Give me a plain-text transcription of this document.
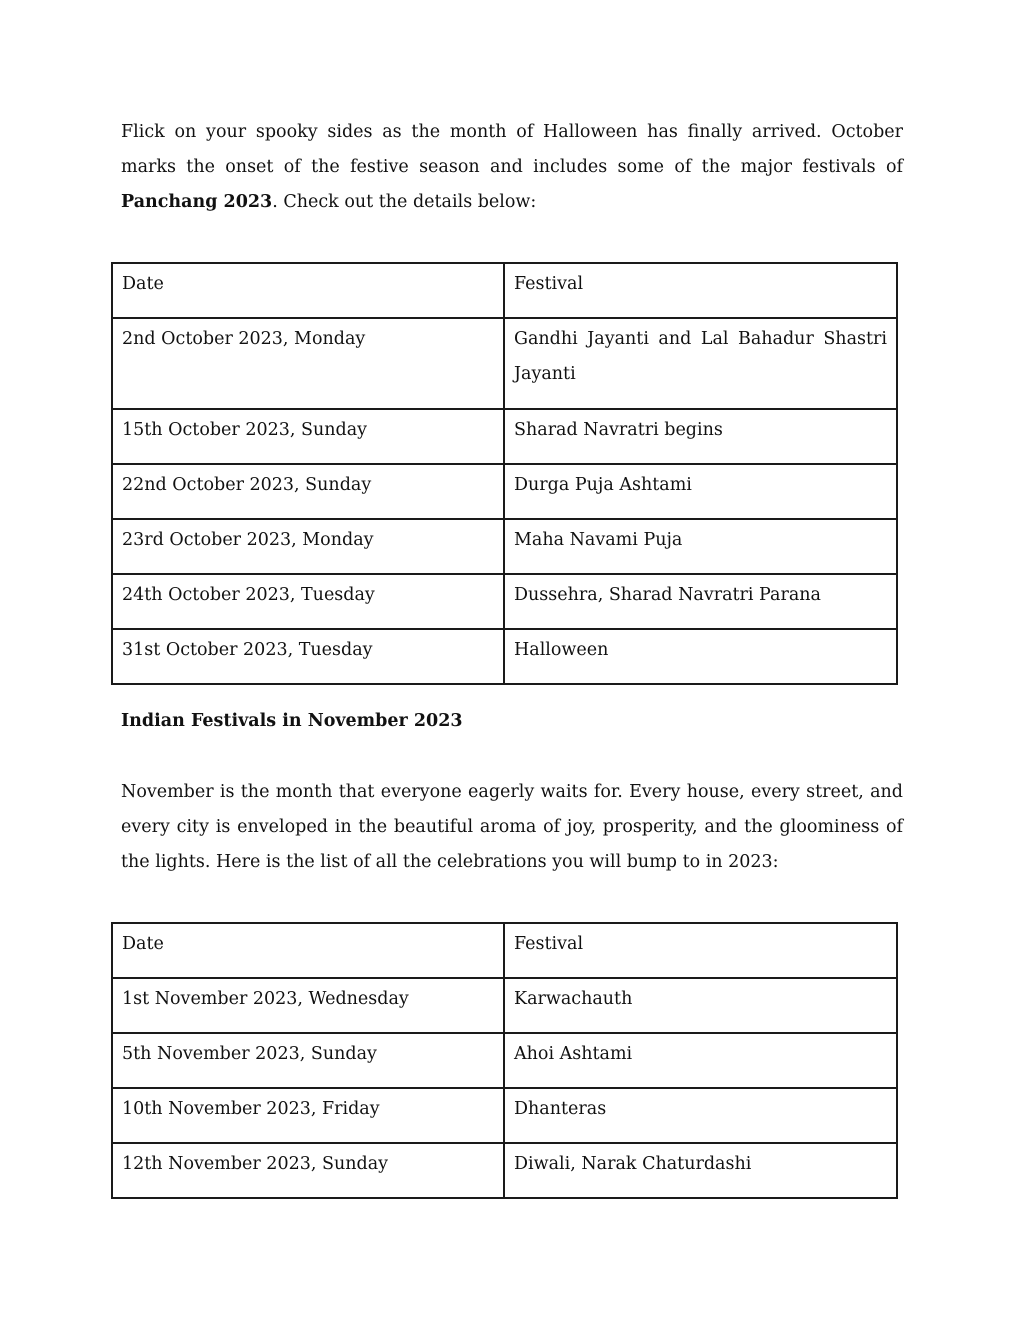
Flick on your spooky sides as the month of Halloween has finally arrived. October marks the onset of the festive season and includes some of the major festivals of Panchang 2023. Check out the details below:

Date	Festival
2nd October 2023, Monday	Gandhi Jayanti and Lal Bahadur Shastri Jayanti
15th October 2023, Sunday	Sharad Navratri begins
22nd October 2023, Sunday	Durga Puja Ashtami
23rd October 2023, Monday	Maha Navami Puja
24th October 2023, Tuesday	Dussehra, Sharad Navratri Parana
31st October 2023, Tuesday	Halloween

Indian Festivals in November 2023

November is the month that everyone eagerly waits for. Every house, every street, and every city is enveloped in the beautiful aroma of joy, prosperity, and the gloominess of the lights. Here is the list of all the celebrations you will bump to in 2023:

Date	Festival
1st November 2023, Wednesday	Karwachauth
5th November 2023, Sunday	Ahoi Ashtami
10th November 2023, Friday	Dhanteras
12th November 2023, Sunday	Diwali, Narak Chaturdashi
